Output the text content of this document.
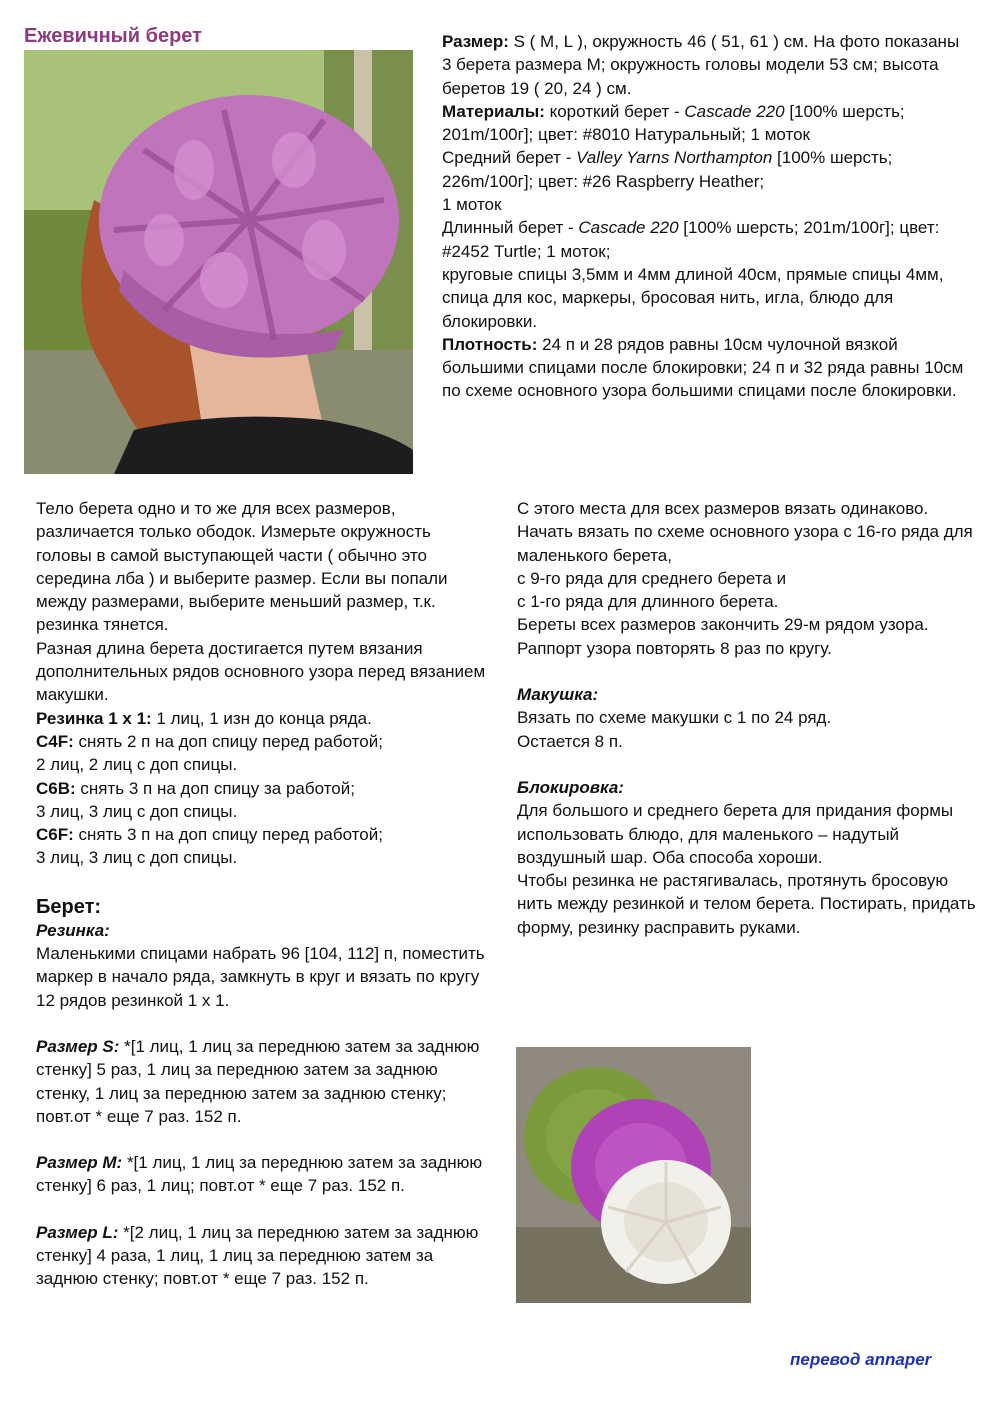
Ежевичный берет	Размер: S ( M, L ), окружность 46 ( 51, 61 ) см. На фото показаны 3 берета размера M; окружность головы модели 53 см; высота беретов 19 ( 20, 24 ) см.

Материалы: короткий берет - Cascade 220 [100% шерсть; 201m/100г]; цвет: #8010 Натуральный; 1 моток

Средний берет - Valley Yarns Northampton [100% шерсть; 226m/100г]; цвет: #26 Raspberry Heather;

1 моток

Длинный берет - Cascade 220 [100% шерсть; 201m/100г]; цвет: #2452 Turtle; 1 моток;

круговые спицы 3,5мм и 4мм длиной 40см, прямые спицы 4мм, спица для кос, маркеры, бросовая нить, игла, блюдо для блокировки.

Плотность: 24 п и 28 рядов равны 10см чулочной вязкой большими спицами после блокировки; 24 п и 32 ряда равны 10см по схеме основного узора большими спицами после блокировки.

Тело берета одно и то же для всех размеров, различается только ободок. Измерьте окружность головы в самой выступающей части ( обычно это середина лба ) и выберите размер. Если вы попали между размерами, выберите меньший размер, т.к. резинка тянется.

Разная длина берета достигается путем вязания дополнительных рядов основного узора перед вязанием макушки.

Резинка 1 х 1: 1 лиц, 1 изн до конца ряда.

C4F: снять 2 п на доп спицу перед работой;

2 лиц, 2 лиц с доп спицы.

C6B: снять 3 п на доп спицу за работой;

3 лиц, 3 лиц с доп спицы.

C6F: снять 3 п на доп спицу перед работой;

3 лиц, 3 лиц с доп спицы.

Берет:

Резинка:

Маленькими спицами набрать 96 [104, 112] п, поместить маркер в начало ряда, замкнуть в круг и вязать по кругу 12 рядов резинкой 1 х 1.

Размер S: *[1 лиц, 1 лиц за переднюю затем за заднюю стенку] 5 раз, 1 лиц за переднюю затем за заднюю стенку, 1 лиц за переднюю затем за заднюю стенку; повт.от * еще 7 раз. 152 п.

Размер M: *[1 лиц, 1 лиц за переднюю затем за заднюю стенку] 6 раз, 1 лиц; повт.от * еще 7 раз. 152 п.

Размер L: *[2 лиц, 1 лиц за переднюю затем за заднюю стенку] 4 раза, 1 лиц, 1 лиц за переднюю затем за заднюю стенку; повт.от * еще 7 раз. 152 п.

С этого места для всех размеров вязать одинаково.

Начать вязать по схеме основного узора с 16-го ряда для маленького берета,

с 9-го ряда для среднего берета и

с 1-го ряда для длинного берета.

Береты всех размеров закончить 29-м рядом узора.

Раппорт узора повторять 8 раз по кругу.

Макушка:

Вязать по схеме макушки с 1 по 24 ряд.

Остается 8 п.

Блокировка:

Для большого и среднего берета для придания формы использовать блюдо, для маленького – надутый воздушный шар. Оба способа хороши.

Чтобы резинка не растягивалась, протянуть бросовую нить между резинкой и телом берета. Постирать, придать форму, резинку расправить руками.

перевод annaper
